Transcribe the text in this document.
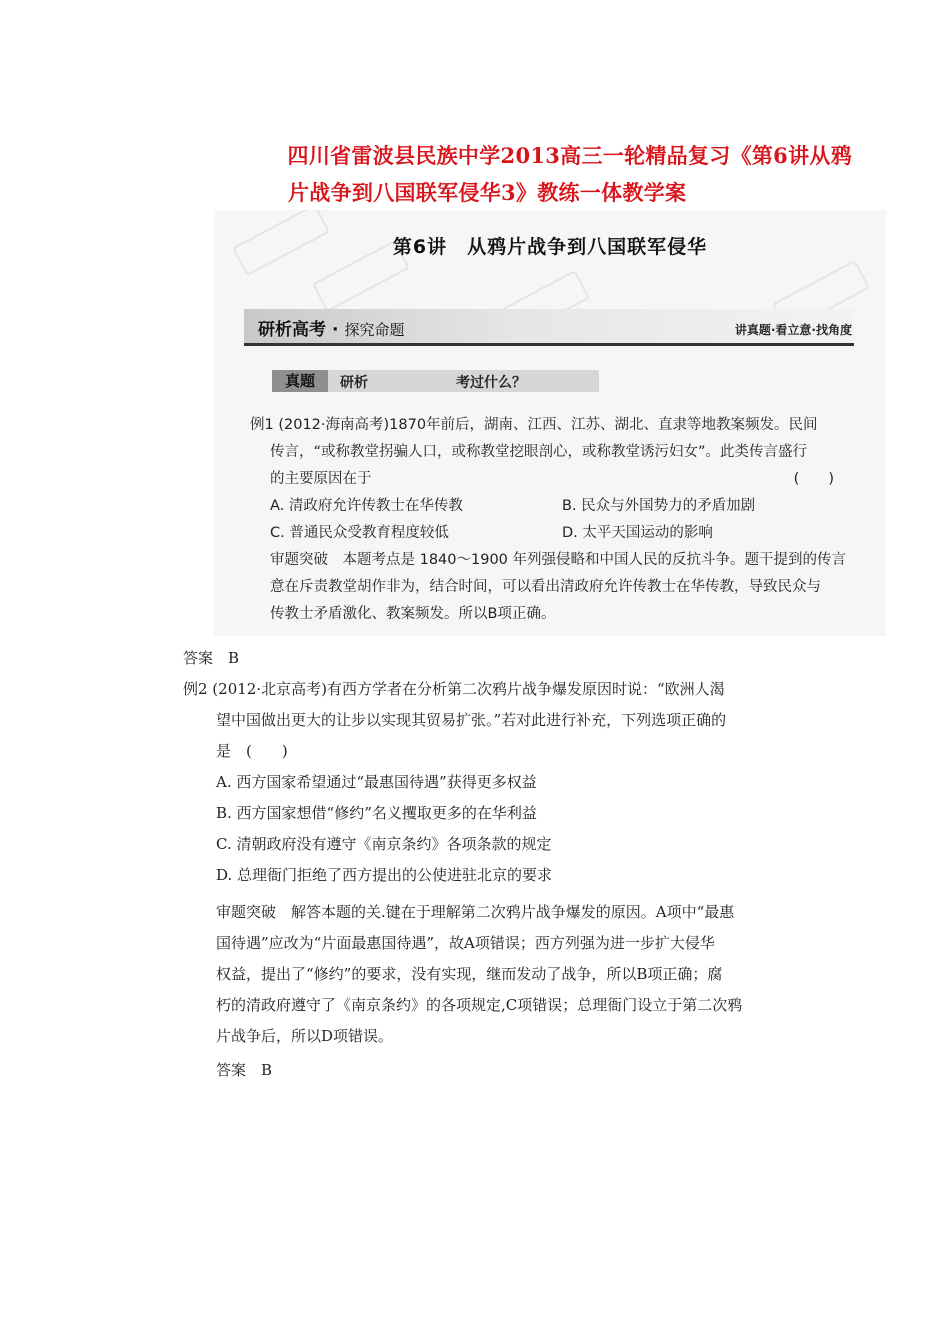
四川省雷波县民族中学2013高三一轮精品复习《第6讲从鸦
片战争到八国联军侵华3》教练一体教学案
第6讲　从鸦片战争到八国联军侵华
研析高考 · 探究命题	讲真题·看立意·找角度
真题	研析	考过什么？
例1 (2012·海南高考)1870年前后，湖南、江西、江苏、湖北、直隶等地教案频发。民间
传言，“或称教堂拐骗人口，或称教堂挖眼剖心，或称教堂诱污妇女”。此类传言盛行
的主要原因在于	(　　)
A. 清政府允许传教士在华传教	B. 民众与外国势力的矛盾加剧
C. 普通民众受教育程度较低	D. 太平天国运动的影响
审题突破　本题考点是 1840～1900 年列强侵略和中国人民的反抗斗争。题干提到的传言
意在斥责教堂胡作非为，结合时间，可以看出清政府允许传教士在华传教，导致民众与
传教士矛盾激化、教案频发。所以B项正确。
答案　B
例2 (2012·北京高考)有西方学者在分析第二次鸦片战争爆发原因时说：“欧洲人渴
望中国做出更大的让步以实现其贸易扩张。”若对此进行补充，下列选项正确的
是　(　　)
A. 西方国家希望通过“最惠国待遇”获得更多权益
B. 西方国家想借“修约”名义攫取更多的在华利益
C. 清朝政府没有遵守《南京条约》各项条款的规定
D. 总理衙门拒绝了西方提出的公使进驻北京的要求
审题突破　解答本题的关.键在于理解第二次鸦片战争爆发的原因。A项中“最惠
国待遇”应改为“片面最惠国待遇”，故A项错误；西方列强为进一步扩大侵华
权益，提出了“修约”的要求，没有实现，继而发动了战争，所以B项正确；腐
朽的清政府遵守了《南京条约》的各项规定,C项错误；总理衙门设立于第二次鸦
片战争后，所以D项错误。
答案　B
